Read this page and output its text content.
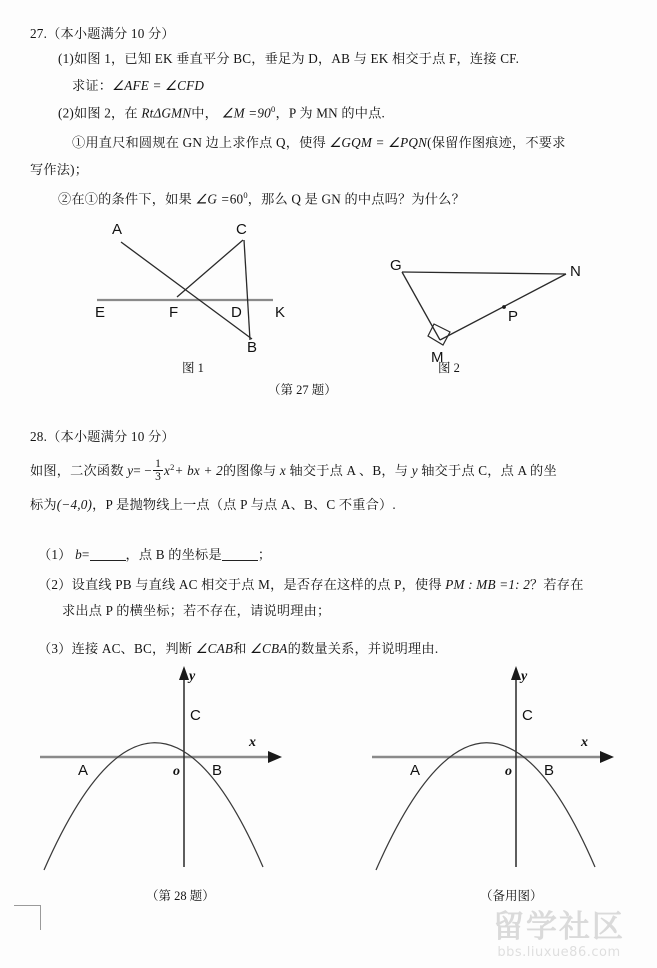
27.（本小题满分 10 分）
(1)如图 1，已知 EK 垂直平分 BC，垂足为 D，AB 与 EK 相交于点 F，连接 CF.
求证：∠AFE = ∠CFD
(2)如图 2，在 RtΔGMN中， ∠M $=90^0$，P 为 MN 的中点.
①用直尺和圆规在 GN 边上求作点 Q，使得 ∠GQM = ∠PQN(保留作图痕迹，不要求
写作法)；
②在①的条件下，如果 ∠G $=60^0$，那么 Q 是 GN 的中点吗？为什么？
A	C
E	F	D K
B
图 1
G	N
P
M
图 2
（第 27 题）
28.（本小题满分 10 分）
如图，二次函数 $y= - \frac{1}{3} x^2+$ bx + 2的图像与 x 轴交于点 A 、B，与 y 轴交于点 C，点 A 的坐
标为(−4,0)，P 是抛物线上一点（点 P 与点 A、B、C 不重合）.
（1） b=	，点 B 的坐标是	；
（2）设直线 PB 与直线 AC 相交于点 M，是否存在这样的点 P，使得 PM : MB =1: 2？若存在
求出点 P 的横坐标；若不存在，请说明理由；
（3）连接 AC、BC，判断 ∠CAB和 ∠CBA的数量关系，并说明理由.
A	B
C
o
x
y
（第 28 题）
A	B
C
o
x
y
（备用图）
留学社区
bbs.liuxue86.com
